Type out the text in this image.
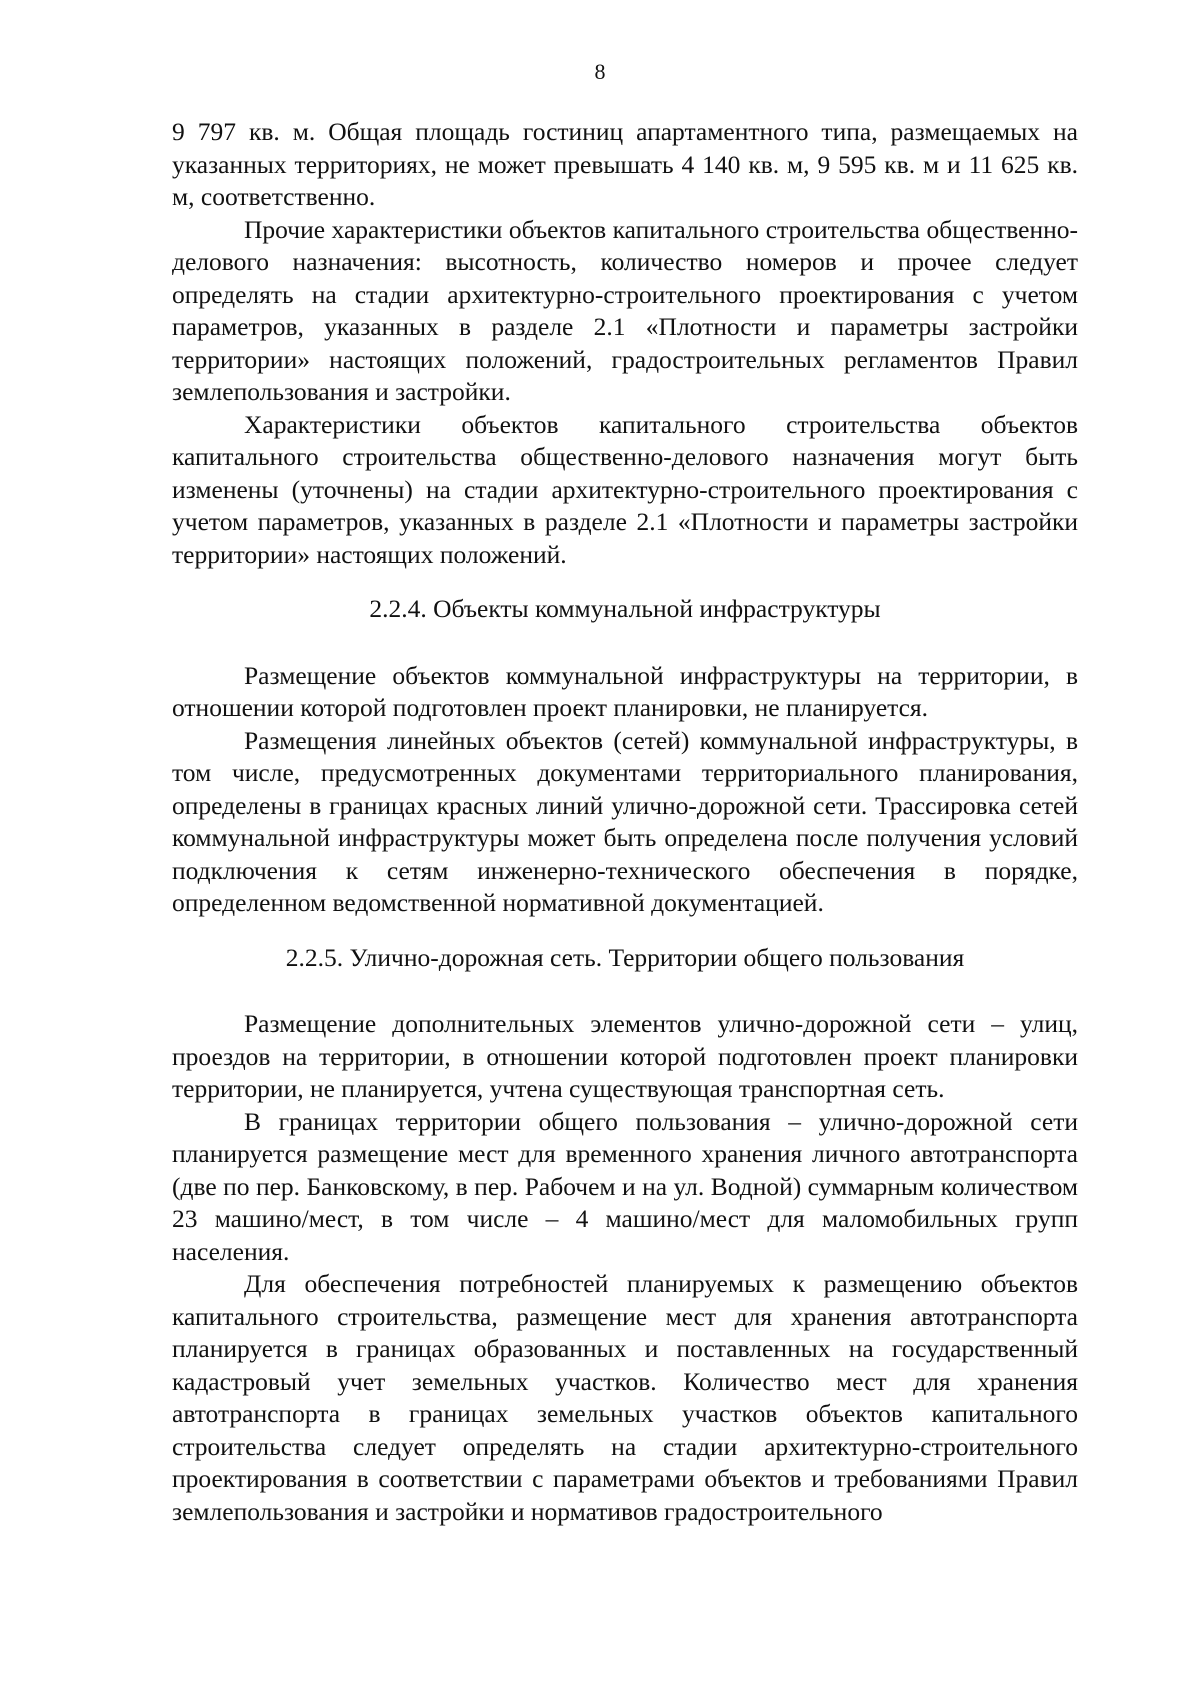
8

9 797 кв. м. Общая площадь гостиниц апартаментного типа, размещаемых на указанных территориях, не может превышать 4 140 кв. м, 9 595 кв. м и 11 625 кв. м, соответственно.

Прочие характеристики объектов капитального строительства общественно-делового назначения: высотность, количество номеров и прочее следует определять на стадии архитектурно-строительного проектирования с учетом параметров, указанных в разделе 2.1 «Плотности и параметры застройки территории» настоящих положений, градостроительных регламентов Правил землепользования и застройки.

Характеристики объектов капитального строительства объектов капитального строительства общественно-делового назначения могут быть изменены (уточнены) на стадии архитектурно-строительного проектирования с учетом параметров, указанных в разделе 2.1 «Плотности и параметры застройки территории» настоящих положений.

2.2.4. Объекты коммунальной инфраструктуры

Размещение объектов коммунальной инфраструктуры на территории, в отношении которой подготовлен проект планировки, не планируется.

Размещения линейных объектов (сетей) коммунальной инфраструктуры, в том числе, предусмотренных документами территориального планирования, определены в границах красных линий улично-дорожной сети. Трассировка сетей коммунальной инфраструктуры может быть определена после получения условий подключения к сетям инженерно-технического обеспечения в порядке, определенном ведомственной нормативной документацией.

2.2.5. Улично-дорожная сеть. Территории общего пользования

Размещение дополнительных элементов улично-дорожной сети – улиц, проездов на территории, в отношении которой подготовлен проект планировки территории, не планируется, учтена существующая транспортная сеть.

В границах территории общего пользования – улично-дорожной сети планируется размещение мест для временного хранения личного автотранспорта (две по пер. Банковскому, в пер. Рабочем и на ул. Водной) суммарным количеством 23 машино/мест, в том числе – 4 машино/мест для маломобильных групп населения.

Для обеспечения потребностей планируемых к размещению объектов капитального строительства, размещение мест для хранения автотранспорта планируется в границах образованных и поставленных на государственный кадастровый учет земельных участков. Количество мест для хранения автотранспорта в границах земельных участков объектов капитального строительства следует определять на стадии архитектурно-строительного проектирования в соответствии с параметрами объектов и требованиями Правил землепользования и застройки и нормативов градостроительного
